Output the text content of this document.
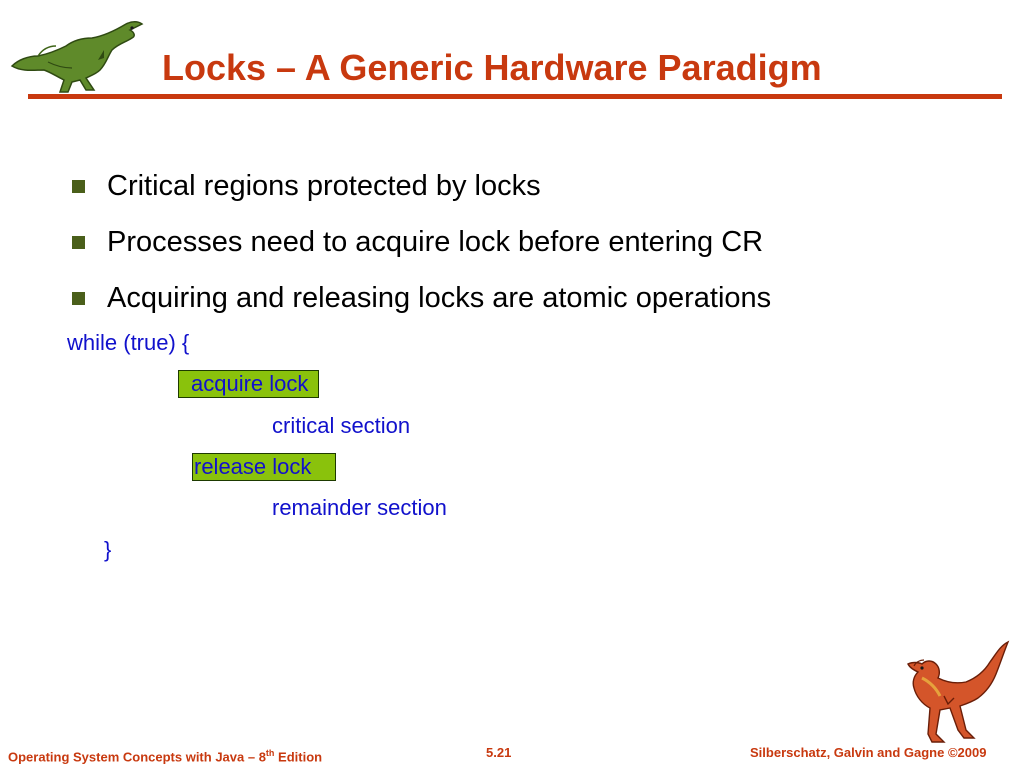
Locks – A Generic Hardware Paradigm
Critical regions protected by locks
Processes need to acquire lock before entering CR
Acquiring and releasing locks are atomic operations
while (true) {
acquire lock
critical section
release lock
remainder section
}
Operating System Concepts with Java – 8th Edition	5.21	Silberschatz, Galvin and Gagne ©2009
